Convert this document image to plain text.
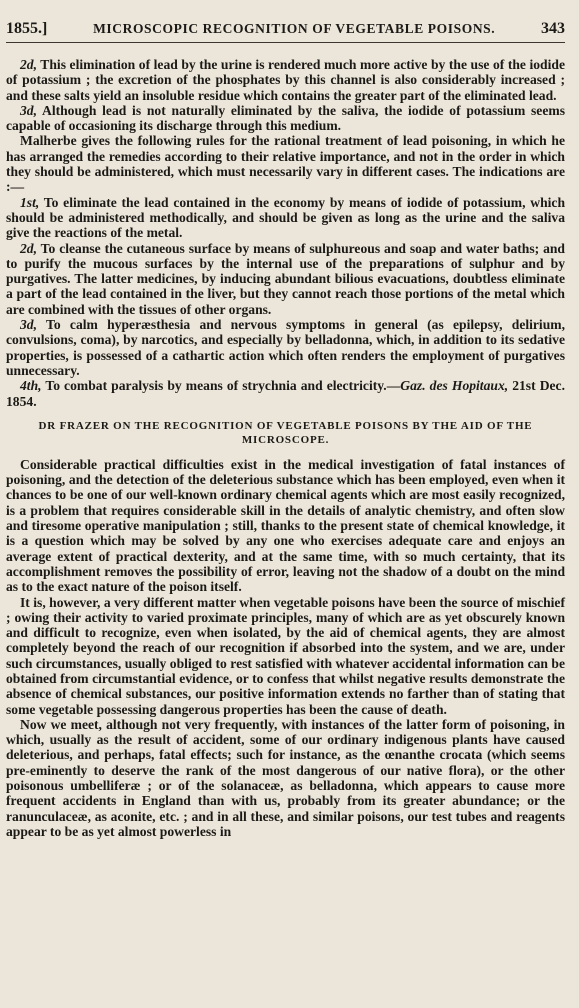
1855.]	MICROSCOPIC RECOGNITION OF VEGETABLE POISONS.	343

2d, This elimination of lead by the urine is rendered much more active by the use of the iodide of potassium ; the excretion of the phosphates by this channel is also considerably increased ; and these salts yield an insoluble residue which contains the greater part of the eliminated lead.

3d, Although lead is not naturally eliminated by the saliva, the iodide of potassium seems capable of occasioning its discharge through this medium.

Malherbe gives the following rules for the rational treatment of lead poisoning, in which he has arranged the remedies according to their relative importance, and not in the order in which they should be administered, which must necessarily vary in different cases. The indications are :—

1st, To eliminate the lead contained in the economy by means of iodide of potassium, which should be administered methodically, and should be given as long as the urine and the saliva give the reactions of the metal.

2d, To cleanse the cutaneous surface by means of sulphureous and soap and water baths; and to purify the mucous surfaces by the internal use of the preparations of sulphur and by purgatives. The latter medicines, by inducing abundant bilious evacuations, doubtless eliminate a part of the lead contained in the liver, but they cannot reach those portions of the metal which are combined with the tissues of other organs.

3d, To calm hyperæsthesia and nervous symptoms in general (as epilepsy, delirium, convulsions, coma), by narcotics, and especially by belladonna, which, in addition to its sedative properties, is possessed of a cathartic action which often renders the employment of purgatives unnecessary.

4th, To combat paralysis by means of strychnia and electricity.—Gaz. des Hopitaux, 21st Dec. 1854.

DR FRAZER ON THE RECOGNITION OF VEGETABLE POISONS BY THE AID OF THE
MICROSCOPE.

Considerable practical difficulties exist in the medical investigation of fatal instances of poisoning, and the detection of the deleterious substance which has been employed, even when it chances to be one of our well-known ordinary chemical agents which are most easily recognized, is a problem that requires considerable skill in the details of analytic chemistry, and often slow and tiresome operative manipulation ; still, thanks to the present state of chemical knowledge, it is a question which may be solved by any one who exercises adequate care and enjoys an average extent of practical dexterity, and at the same time, with so much certainty, that its accomplishment removes the possibility of error, leaving not the shadow of a doubt on the mind as to the exact nature of the poison itself.

It is, however, a very different matter when vegetable poisons have been the source of mischief ; owing their activity to varied proximate principles, many of which are as yet obscurely known and difficult to recognize, even when isolated, by the aid of chemical agents, they are almost completely beyond the reach of our recognition if absorbed into the system, and we are, under such circumstances, usually obliged to rest satisfied with whatever accidental information can be obtained from circumstantial evidence, or to confess that whilst negative results demonstrate the absence of chemical substances, our positive information extends no farther than of stating that some vegetable possessing dangerous properties has been the cause of death.

Now we meet, although not very frequently, with instances of the latter form of poisoning, in which, usually as the result of accident, some of our ordinary indigenous plants have caused deleterious, and perhaps, fatal effects; such for instance, as the œnanthe crocata (which seems pre-eminently to deserve the rank of the most dangerous of our native flora), or the other poisonous umbelliferæ ; or of the solanaceæ, as belladonna, which appears to cause more frequent accidents in England than with us, probably from its greater abundance; or the ranunculaceæ, as aconite, etc. ; and in all these, and similar poisons, our test tubes and reagents appear to be as yet almost powerless in
